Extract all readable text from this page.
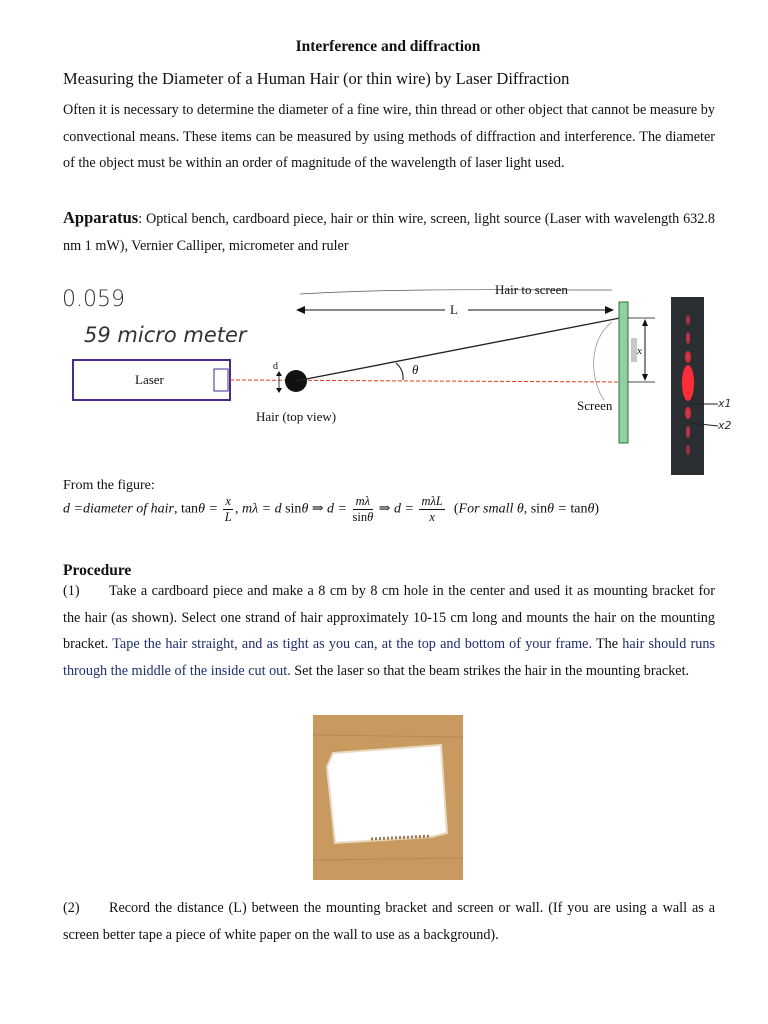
Interference and diffraction
Measuring the Diameter of a Human Hair (or thin wire) by Laser Diffraction
Often it is necessary to determine the diameter of a fine wire, thin thread or other object that cannot be measure by convectional means. These items can be measured by using methods of diffraction and interference. The diameter of the object must be within an order of magnitude of the wavelength of laser light used.
Apparatus: Optical bench, cardboard piece, hair or thin wire, screen, light source (Laser with wavelength 632.8 nm 1 mW), Vernier Calliper, micrometer and ruler
0.059
59 micro meter
Hair to screen
L
Laser
d	θ
x
Screen
Hair (top view)
x1
x2
From the figure:
d =diameter of hair, $\tan\theta = \frac{x}{L}$ , mλ = d sinθ ⇒ $d = \frac{m\lambda}{\sin\theta}$ ⇒ $d = \frac{\text{mλL}}{x} (For$ small θ, sinθ = tanθ)
Procedure
(1) Take a cardboard piece and make a 8 cm by 8 cm hole in the center and used it as mounting bracket for the hair (as shown). Select one strand of hair approximately 10-15 cm long and mounts the hair on the mounting bracket. Tape the hair straight, and as tight as you can, at the top and bottom of your frame. The hair should runs through the middle of the inside cut out. Set the laser so that the beam strikes the hair in the mounting bracket.
(2) Record the distance (L) between the mounting bracket and screen or wall. (If you are using a wall as a screen better tape a piece of white paper on the wall to use as a background).
